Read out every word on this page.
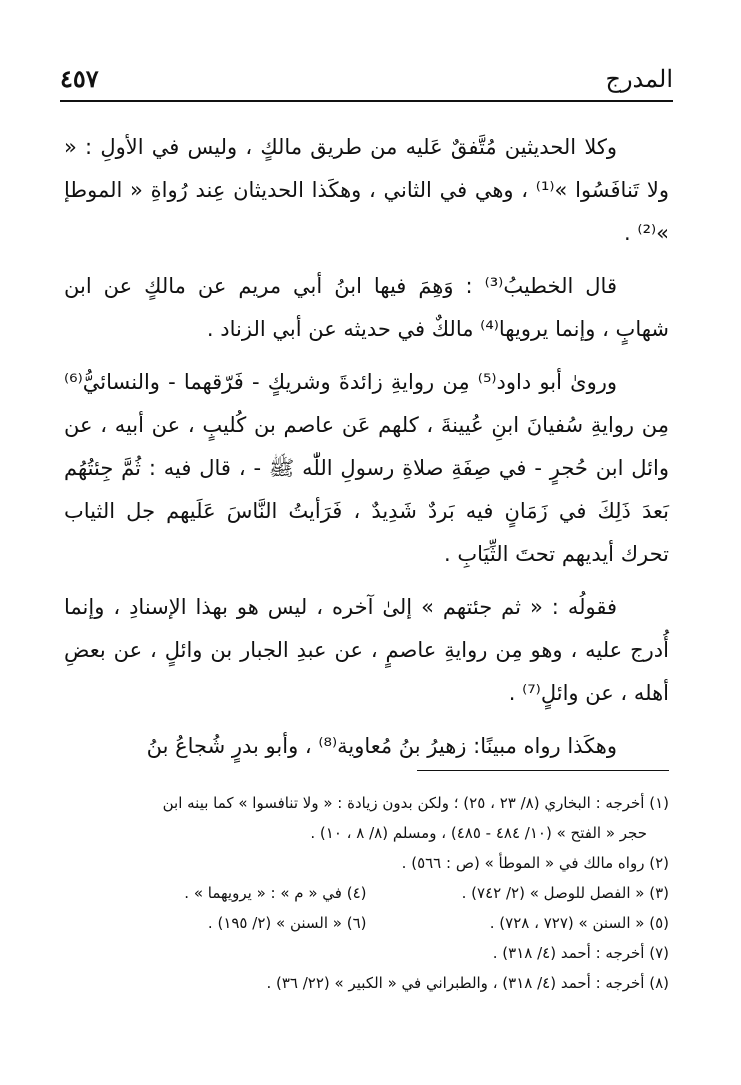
المدرج
٤٥٧

وكلا الحديثين مُتَّفقٌ عَليه من طريق مالكٍ ، وليس في الأولِ : « ولا تَنافَسُوا »⁽¹⁾ ، وهي في الثاني ، وهكَذا الحديثان عِند رُواةِ « الموطإ »⁽²⁾ .

قال الخطيبُ⁽³⁾ : وَهِمَ فيها ابنُ أبي مريم عن مالكٍ عن ابن شهابٍ ، وإنما يرويها⁽⁴⁾ مالكٌ في حديثه عن أبي الزناد .

وروىٰ أبو داود⁽⁵⁾ مِن روايةِ زائدةَ وشريكٍ - فَرّقهما - والنسائيُّ⁽⁶⁾ مِن روايةِ سُفيانَ ابنِ عُيينةَ ، كلهم عَن عاصم بن كُليبٍ ، عن أبيه ، عن وائل ابن حُجرٍ - في صِفَةِ صلاةِ رسولِ اللّٰه ﷺ - ، قال فيه : ثُمَّ جِئتُهُم بَعدَ ذَلِكَ في زَمَانٍ فيه بَردٌ شَدِيدٌ ، فَرَأيتُ النَّاسَ عَلَيهم جل الثياب تحرك أيديهم تحتَ الثِّيَابِ .

فقولُه : « ثم جئتهم » إلىٰ آخره ، ليس هو بهذا الإسنادِ ، وإنما أُدرج عليه ، وهو مِن روايةِ عاصمٍ ، عن عبدِ الجبار بن وائلٍ ، عن بعضِ أهله ، عن وائلٍ⁽⁷⁾ .

وهكَذا رواه مبينًا: زهيرُ بنُ مُعاوية⁽⁸⁾ ، وأبو بدرٍ شُجاعُ بنُ

(١) أخرجه : البخاري (٨/ ٢٣ ، ٢٥) ؛ ولكن بدون زيادة : « ولا تنافسوا » كما بينه ابن

حجر « الفتح » (١٠/ ٤٨٤ - ٤٨٥) ، ومسلم (٨/ ٨ ، ١٠) .

(٢) رواه مالك في « الموطأ » (ص : ٥٦٦) .

(٣) « الفصل للوصل » (٢/ ٧٤٢) .
(٤) في « م » : « يرويهما » .
(٥) « السنن » (٧٢٧ ، ٧٢٨) .
(٦) « السنن » (٢/ ١٩٥) .

(٧) أخرجه : أحمد (٤/ ٣١٨) .

(٨) أخرجه : أحمد (٤/ ٣١٨) ، والطبراني في « الكبير » (٢٢/ ٣٦) .
